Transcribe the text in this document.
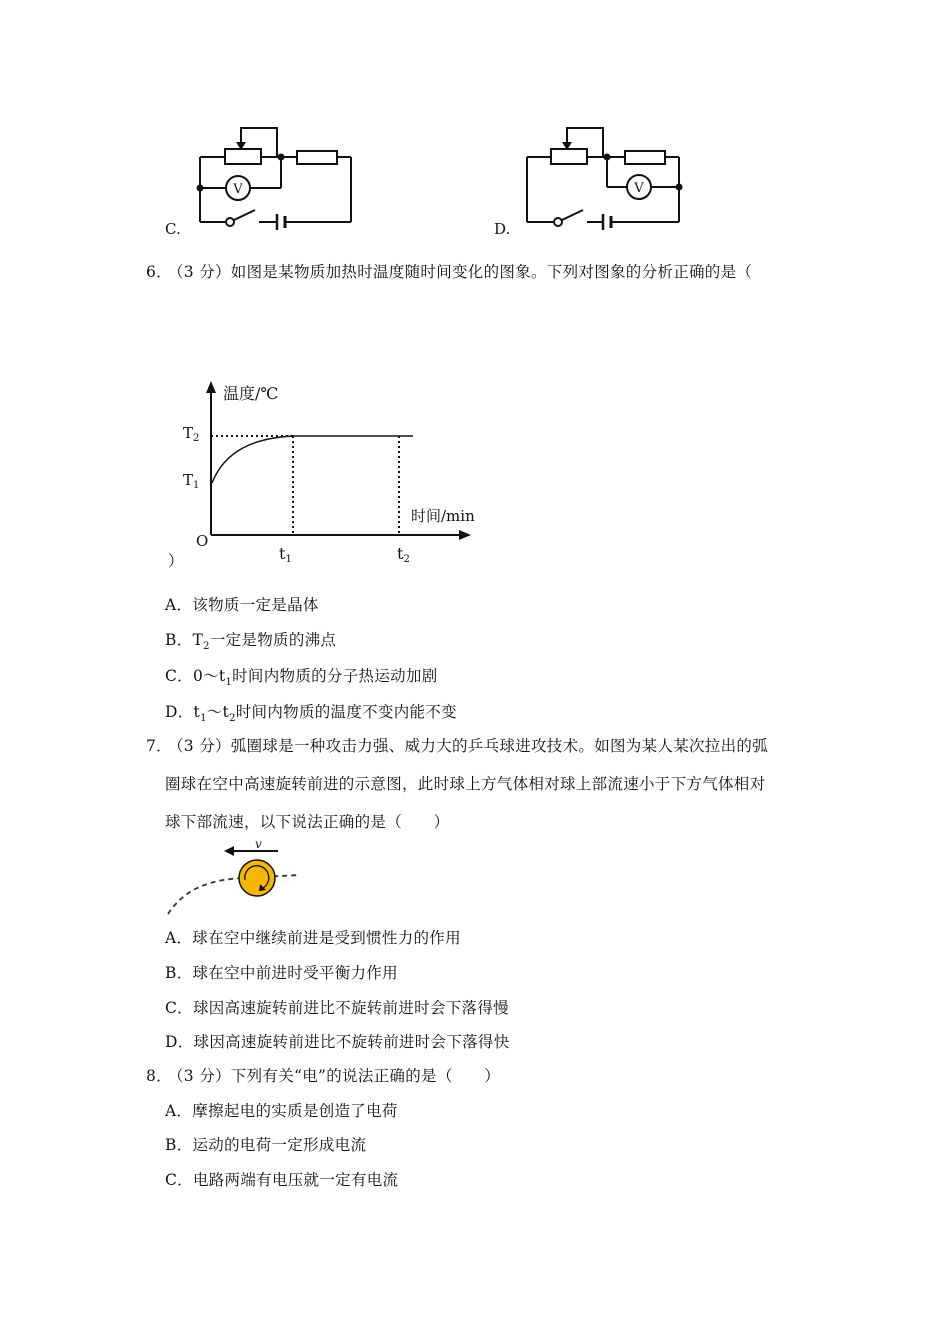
V
C.
V
D.
6．
（3 分）如图是某物质加热时温度随时间变化的图象。下列对图象的分析正确的是（
温度/℃
时间/min
O
$T_2$
$T_1$
t1	t2
）
A．该物质一定是晶体
B．$T_2$一定是物质的沸点
C．$0\sim t_1$时间内物质的分子热运动加剧
D．$t_1\sim t_2$时间内物质的温度不变内能不变
7．
（3 分）弧圈球是一种攻击力强、威力大的乒乓球进攻技术。如图为某人某次拉出的弧
圈球在空中高速旋转前进的示意图，此时球上方气体相对球上部流速小于下方气体相对
球下部流速，以下说法正确的是（　　）
v
A．球在空中继续前进是受到惯性力的作用
B．球在空中前进时受平衡力作用
C．球因高速旋转前进比不旋转前进时会下落得慢
D．球因高速旋转前进比不旋转前进时会下落得快
8．
（3 分）下列有关“电”的说法正确的是（　　）
A．摩擦起电的实质是创造了电荷
B．运动的电荷一定形成电流
C．电路两端有电压就一定有电流
